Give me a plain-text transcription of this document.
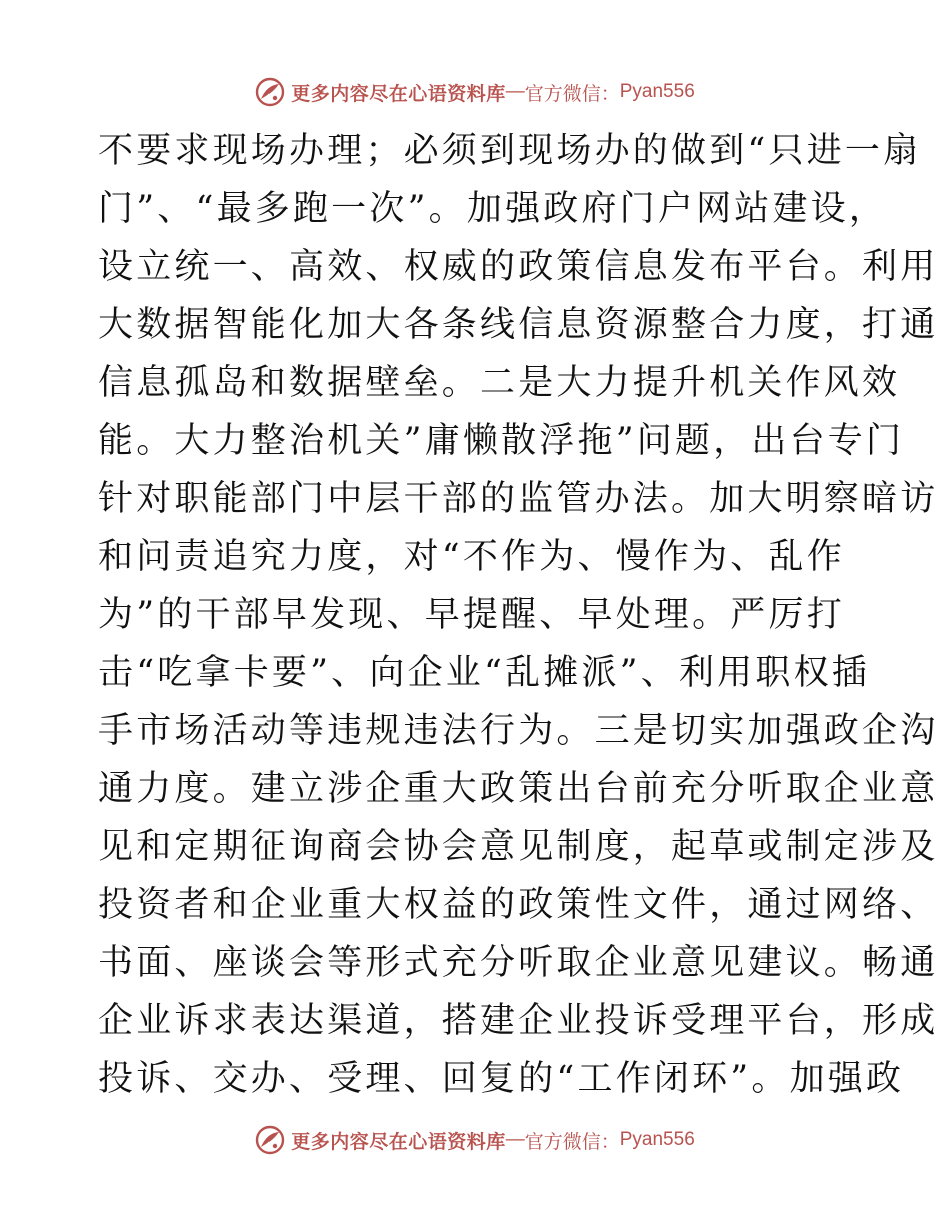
更多内容尽在心语资料库 — 官方微信： Pyan556
不要求现场办理；必须到现场办的做到“只进一扇
门”、“最多跑一次”。加强政府门户网站建设，
设立统一、高效、权威的政策信息发布平台。利用
大数据智能化加大各条线信息资源整合力度，打通
信息孤岛和数据壁垒。二是大力提升机关作风效
能。大力整治机关”庸懒散浮拖”问题，出台专门
针对职能部门中层干部的监管办法。加大明察暗访
和问责追究力度，对“不作为、慢作为、乱作
为”的干部早发现、早提醒、早处理。严厉打
击“吃拿卡要”、向企业“乱摊派”、利用职权插
手市场活动等违规违法行为。三是切实加强政企沟
通力度。建立涉企重大政策出台前充分听取企业意
见和定期征询商会协会意见制度，起草或制定涉及
投资者和企业重大权益的政策性文件，通过网络、
书面、座谈会等形式充分听取企业意见建议。畅通
企业诉求表达渠道，搭建企业投诉受理平台，形成
投诉、交办、受理、回复的“工作闭环”。加强政
更多内容尽在心语资料库 — 官方微信： Pyan556
